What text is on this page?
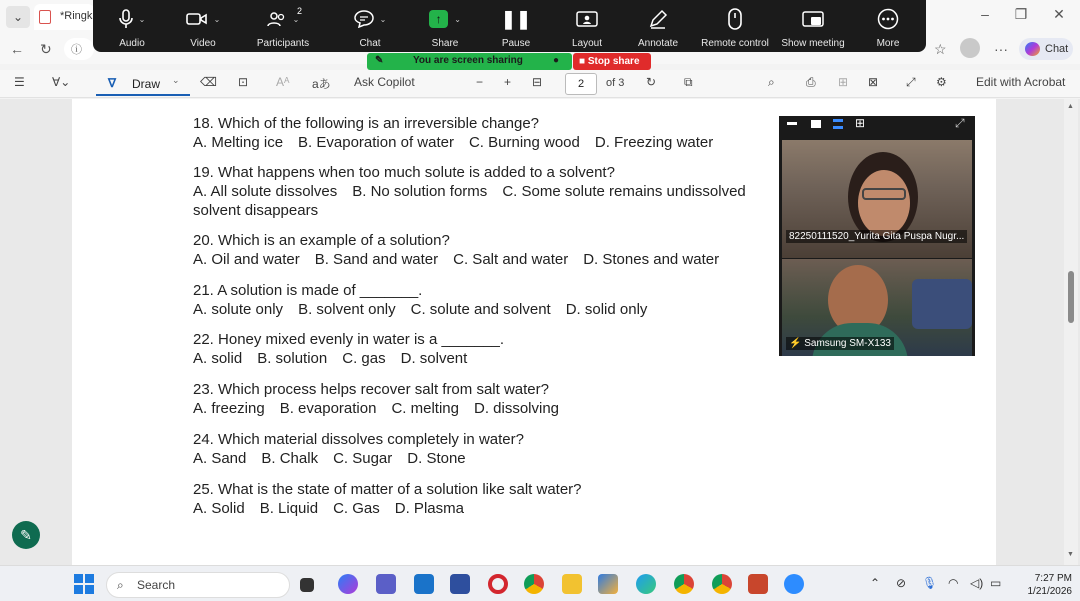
⌄	*Ringk	–	❐	✕
← ↻ ⓘ	☆	···	Chat
⌄
Audio
⌄
Video
2
⌄
Participants
⌄
Chat
↑	⌄
Share
❚❚
Pause	Layout	Annotate	Remote control	Show meeting	More
✎	You are screen sharing	●	■ Stop share
☰ ∀⌄	∇ Draw ⌄ ⌫ ⊡ Aᴬ aあ Ask Copilot	− + ⊟	2	of 3 ↻ ⧉	⌕	⎙ ⊞ ⊠ ⤢ ⚙ Edit with Acrobat
18. Which of the following is an irreversible change?
A. Melting ice B. Evaporation of water C. Burning wood D. Freezing water
19. What happens when too much solute is added to a solvent?
A. All solute dissolves B. No solution forms C. Some solute remains undissolved
solvent disappears
20. Which is an example of a solution?
A. Oil and water B. Sand and water C. Salt and water D. Stones and water
21. A solution is made of _______.
A. solute only B. solvent only C. solute and solvent D. solid only
22. Honey mixed evenly in water is a _______.
A. solid B. solution C. gas D. solvent
23. Which process helps recover salt from salt water?
A. freezing B. evaporation C. melting D. dissolving
24. Which material dissolves completely in water?
A. Sand B. Chalk C. Sugar D. Stone
25. What is the state of matter of a solution like salt water?
A. Solid B. Liquid C. Gas D. Plasma
▲
▼
✎
⊞	⤢
82250111520_Yurita Gita Puspa Nugr...
⚡ Samsung SM-X133
⌕ Search	⌃ ⊘ 🎙 ◠ ◁) ▭	7:27 PM
1/21/2026
